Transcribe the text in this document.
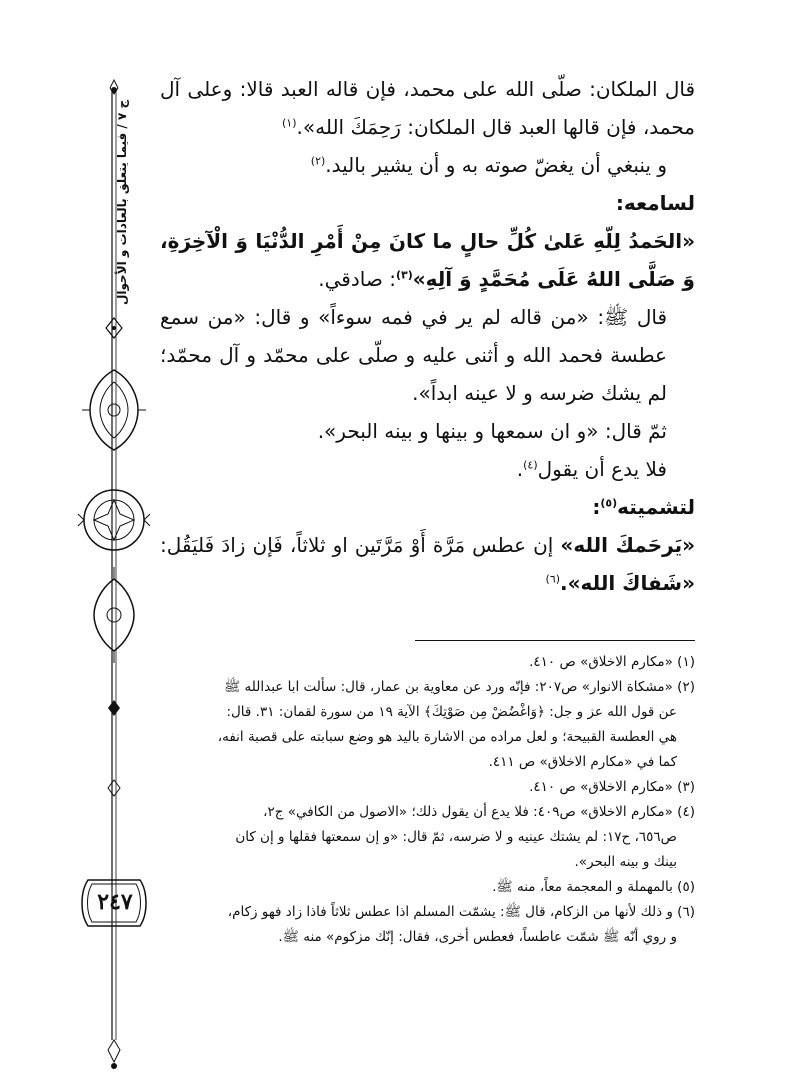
ج ٧ / فيما يتعلق بالعادات و الأحوال
٢٤٧

قال الملكان: صلّى الله على محمد، فإن قاله العبد قالا: وعلى آل محمد، فإن قالها العبد قال الملكان: رَحِمَكَ الله».$^{(١)}$

و ينبغي أن يغضّ صوته به و أن يشير باليد.$^{(٢)}$

لسامعه:

«الحَمدُ لِلّهِ عَلىٰ كُلِّ حالٍ ما كانَ مِنْ أَمْرِ الدُّنْيَا وَ الْآخِرَةِ، وَ صَلَّى اللهُ عَلَى مُحَمَّدٍ وَ آلِهِ»$^{(٣)}$: صادقي.

قال ﷺ: «من قاله لم ير في فمه سوءاً» و قال: «من سمع عطسة فحمد الله و أثنى عليه و صلّى على محمّد و آل محمّد؛ لم يشك ضرسه و لا عينه ابداً».

ثمّ قال: «و ان سمعها و بينها و بينه البحر».

فلا يدع أن يقول$^{(٤)}$.

لتشميته$^{(٥)}$:

«يَرحَمكَ الله» إن عطس مَرَّة أَوْ مَرَّتَين او ثلاثاً، فَإن زادَ فَليَقُل: «شَفاكَ الله».$^{(٦)}$

(١) «مكارم الاخلاق» ص ٤١٠.

(٢) «مشكاة الانوار» ص٢٠٧: فإنّه ورد عن معاوية بن عمار، قال: سألت ابا عبدالله ﷺ

عن قول الله عز و جل: ﴿وَاغْضُضْ مِن صَوْتِكَ﴾ الآية ١٩ من سورة لقمان: ٣١. قال:

هي العطسة القبيحة؛ و لعل مراده من الاشارة باليد هو وضع سبابته على قصبة انفه،

كما في «مكارم الاخلاق» ص ٤١١.

(٣) «مكارم الاخلاق» ص ٤١٠.

(٤) «مكارم الاخلاق» ص٤٠٩: فلا يدع أن يقول ذلك؛ «الاصول من الكافي» ج٢،

ص٦٥٦، ح١٧: لم يشتك عينيه و لا ضرسه، ثمّ قال: «و إن سمعتها فقلها و إن كان

بينك و بينه البحر».

(٥) بالمهملة و المعجمة معاً، منه ﷺ.

(٦) و ذلك لأنها من الزكام، قال ﷺ: يشمّت المسلم اذا عطس ثلاثاً فاذا زاد فهو زكام،

و روي أنّه ﷺ شمّت عاطساً، فعطس أخرى، فقال: إنّك مزكوم» منه ﷺ.
